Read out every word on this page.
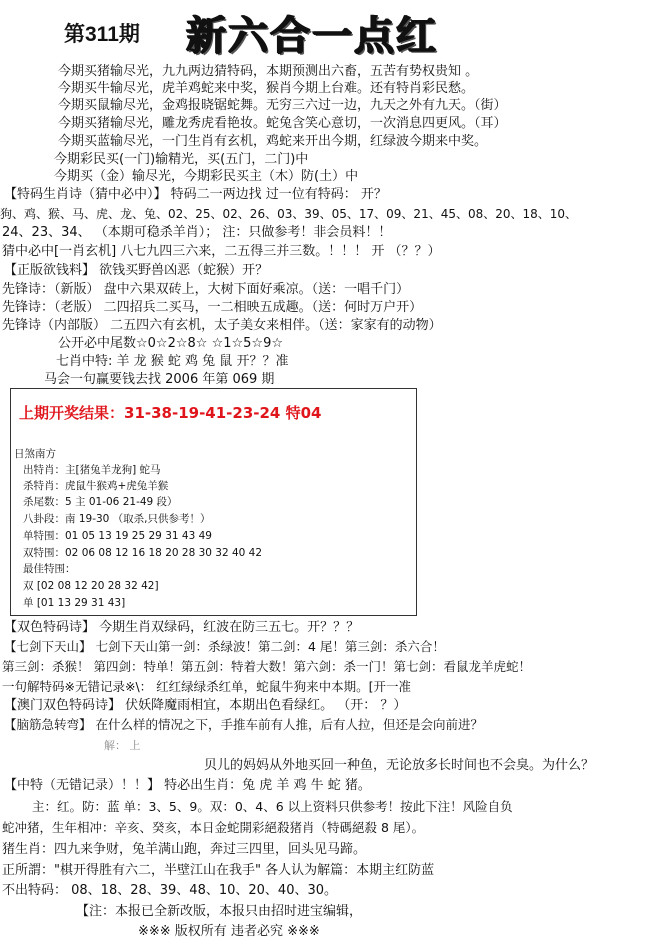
第311期 新六合一点红
今期买猪输尽光，九九两边猜特码，本期预测出六畜，五苦有势权贵知 。
今期买牛输尽光，虎羊鸡蛇来中奖，猴肖今期上台难。还有特肖彩民愁。
今期买鼠输尽光，金鸡报晓锯蛇舞。无穷三六过一边，九天之外有九天。（街）
今期买猪输尽光，雕龙秀虎看艳妆。蛇兔含笑心意切，一次消息四更风。（耳）
今期买蓝输尽光，一门生肖有玄机，鸡蛇来开出今期，红绿波今期来中奖。
今期彩民买(一门)输精光，买(五门，二门)中
今期买（金）输尽光，今期彩民买主（木）防(土）中
【特码生肖诗（猜中必中）】 特码二一两边找 过一位有特码： 开？
狗、鸡、猴、马、虎、龙、兔、02、25、02、26、03、39、05、17、09、21、45、08、20、18、10、
24、23、34、 （本期可稳杀羊肖）； 注：只做参考！非会员料！！
猜中必中[一肖玄机] 八七九四三六来，二五得三并三数。！！！ 开 （？？）
【正版欲钱料】 欲钱买野兽凶恶（蛇猴）开？
先锋诗：（新版） 盘中六果双砖上，大树下面好乘凉。（送：一唱千门）
先锋诗：（老版） 二四招兵二买马，一二相映五成趣。（送：何时万户开）
先锋诗（内部版） 二五四六有玄机，太子美女来相伴。（送：家家有的动物）
公开必中尾数☆0☆2☆8☆ ☆1☆5☆9☆
七肖中特: 羊 龙 猴 蛇 鸡 兔 鼠 开？？准
马会一句赢要钱去找 2006 年第 069 期
上期开奖结果：31-38-19-41-23-24 特04
日煞南方
出特肖：主[猪兔羊龙狗] 蛇马
杀特肖：虎鼠牛猴鸡+虎兔羊猴
杀尾数：5 主 01-06 21-49 段）
八卦段：南 19-30 （取杀,只供参考！）
单特围：01 05 13 19 25 29 31 43 49
双特围：02 06 08 12 16 18 20 28 30 32 40 42
最佳特围：
双 [02 08 12 20 28 32 42]
单 [01 13 29 31 43]
【双色特码诗】 今期生肖双绿码，红波在防三五七。开？？？
【七剑下天山】 七剑下天山第一剑：杀绿波！第二剑：4 尾！第三剑：杀六合！
第三剑：杀猴！ 第四剑：特单！第五剑：特着大数！第六剑：杀一门！第七剑：看鼠龙羊虎蛇！
一句解特码※无错记录※\： 红红绿绿杀红单，蛇鼠牛狗来中本期。[开一准
【澳门双色特码诗】 伏妖降魔雨相宜，本期出色看绿红。 （开： ？）
【脑筋急转弯】 在什么样的情况之下，手推车前有人推，后有人拉，但还是会向前进？
解： 上
贝儿的妈妈从外地买回一种鱼，无论放多长时间也不会臭。为什么？
【中特（无错记录）！！】 特必出生肖：兔 虎 羊 鸡 牛 蛇 猪。
主：红。防：蓝 单：3、5、9。双：0、4、6 以上资料只供参考！按此下注！风险自负
蛇冲猪，生年相冲：辛亥、癸亥，本日金蛇開彩絕殺猪肖（特碼絕殺 8 尾）。
猪生肖：四九来争财，兔羊满山跑，奔过三四里，回头见马蹄。
正所謂："棋开得胜有六二，半壁江山在我手" 各人认为解篇：本期主红防蓝
不出特码： 08、18、28、39、48、10、20、40、30。
【注：本报已全新改版，本报只由招时进宝编辑，
※※※ 版权所有 违者必究 ※※※
